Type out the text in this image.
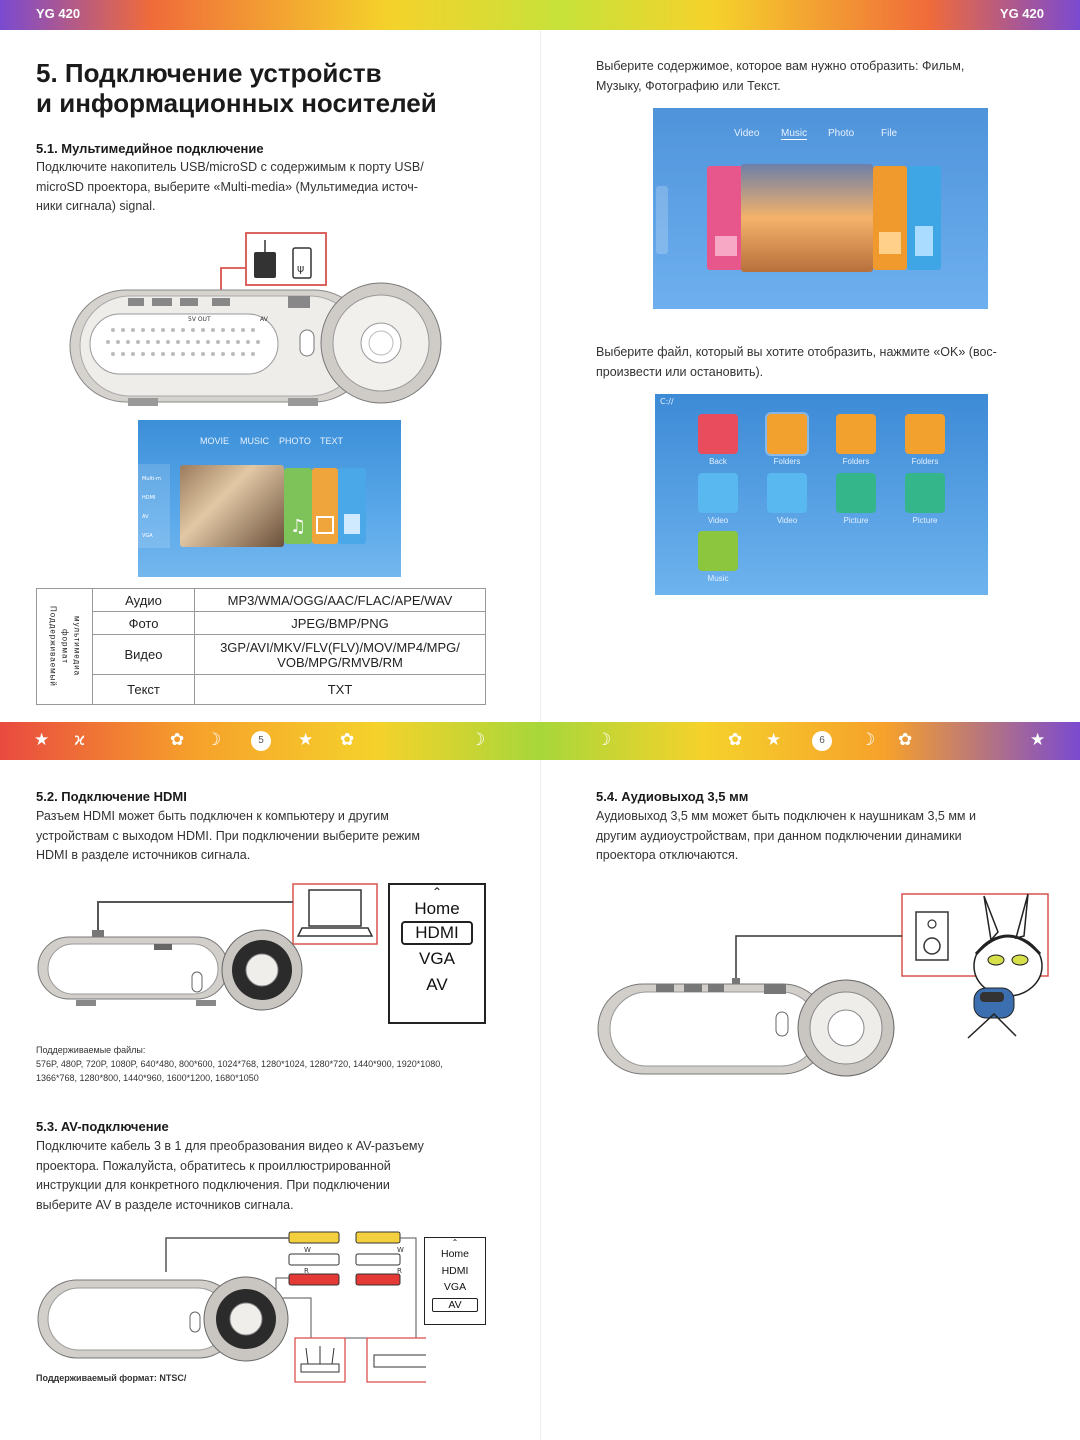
YG 420	YG 420
5. Подключение устройств
и информационных носителей
5.1. Мультимедийное подключение
Подключите накопитель USB/microSD с содержимым к порту USB/
microSD проектора, выберите «Multi-media» (Мультимедиа источ-
ники сигнала) signal.
ψ
5V OUT	AV
MOVIE MUSIC PHOTO TEXT
Multi-m
HDMI
AV
VGA	♫
Поддерживаемый формат мультимедиа	Аудио	MP3/WMA/OGG/AAC/FLAC/APE/WAV
	Фото	JPEG/BMP/PNG
	Видео	3GP/AVI/MKV/FLV(FLV)/MOV/MP4/MPG/
VOB/MPG/RMVB/RM
	Текст	TXT
Выберите содержимое, которое вам нужно отобразить: Фильм,
Музыку, Фотографию или Текст.
Video Music Photo	File
Выберите файл, который вы хотите отобразить, нажмите «OK» (вос-
произвести или остановить).
C://
Back	Folders	Folders	Folders
Video	Video	Picture	Picture
Music
★ ϰ	✿ ☽	5	★ ✿	☽	☽	✿ ★	6	☽ ✿	★
5.2. Подключение HDMI
Разъем HDMI может быть подключен к компьютеру и другим
устройствам с выходом HDMI. При подключении выберите режим
HDMI в разделе источников сигнала.
⌃
Home
HDMI
VGA
AV
Поддерживаемые файлы:
576P, 480P, 720P, 1080P, 640*480, 800*600, 1024*768, 1280*1024, 1280*720, 1440*900, 1920*1080,
1366*768, 1280*800, 1440*960, 1600*1200, 1680*1050
5.3. AV-подключение
Подключите кабель 3 в 1 для преобразования видео к AV-разъему
проектора. Пожалуйста, обратитесь к проиллюстрированной
инструкции для конкретного подключения. При подключении
выберите AV в разделе источников сигнала.
W
R
W
R
⌃
Home
HDMI
VGA
AV
Поддерживаемый формат: NTSC/
5.4. Аудиовыход 3,5 мм
Аудиовыход 3,5 мм может быть подключен к наушникам 3,5 мм и
другим аудиоустройствам, при данном подключении динамики
проектора отключаются.
